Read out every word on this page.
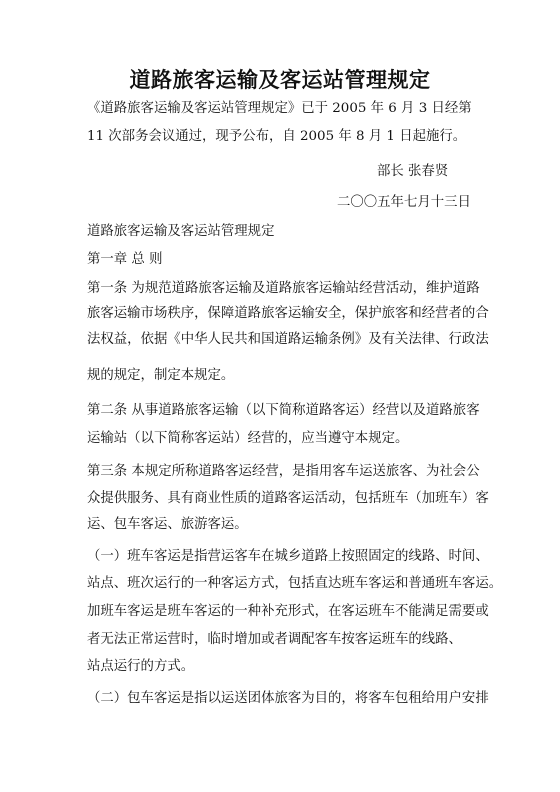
道路旅客运输及客运站管理规定
《道路旅客运输及客运站管理规定》已于 2005 年 6 月 3 日经第
11 次部务会议通过，现予公布，自 2005 年 8 月 1 日起施行。
部长 张春贤
二〇〇五年七月十三日
道路旅客运输及客运站管理规定
第一章 总 则
第一条 为规范道路旅客运输及道路旅客运输站经营活动，维护道路
旅客运输市场秩序，保障道路旅客运输安全，保护旅客和经营者的合
法权益，依据《中华人民共和国道路运输条例》及有关法律、行政法
规的规定，制定本规定。
第二条 从事道路旅客运输（以下简称道路客运）经营以及道路旅客
运输站（以下简称客运站）经营的，应当遵守本规定。
第三条 本规定所称道路客运经营，是指用客车运送旅客、为社会公
众提供服务、具有商业性质的道路客运活动，包括班车（加班车）客
运、包车客运、旅游客运。
（一）班车客运是指营运客车在城乡道路上按照固定的线路、时间、
站点、班次运行的一种客运方式，包括直达班车客运和普通班车客运。
加班车客运是班车客运的一种补充形式，在客运班车不能满足需要或
者无法正常运营时，临时增加或者调配客车按客运班车的线路、
站点运行的方式。
（二）包车客运是指以运送团体旅客为目的，将客车包租给用户安排
